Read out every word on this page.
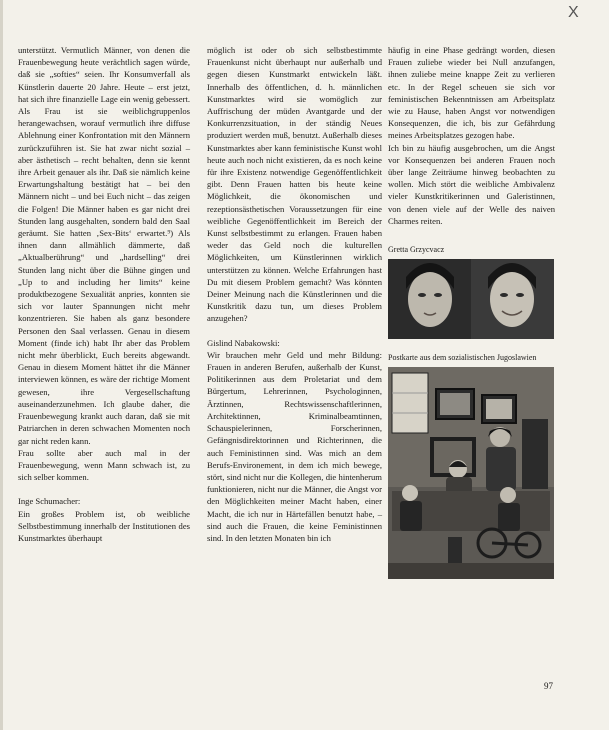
X

unterstützt. Vermutlich Männer, von denen die Frauenbewegung heute verächtlich sagen würde, daß sie „softies“ seien. Ihr Konsumverfall als Künstlerin dauerte 20 Jahre. Heute – erst jetzt, hat sich ihre finanzielle Lage ein wenig gebessert. Als Frau ist sie weiblichgruppenlos herangewachsen, worauf vermutlich ihre diffuse Ablehnung einer Konfrontation mit den Männern zurückzuführen ist. Sie hat zwar nicht sozial – aber ästhetisch – recht behalten, denn sie kennt ihre Arbeit genauer als ihr. Daß sie nämlich keine Erwartungshaltung bestätigt hat – bei den Männern nicht – und bei Euch nicht – das zeigen die Folgen! Die Männer haben es gar nicht drei Stunden lang ausgehalten, sondern bald den Saal geräumt. Sie hatten ‚Sex-Bits‘ erwartet.⁹) Als ihnen dann allmählich dämmerte, daß „Aktualberührung“ und „hardselling“ drei Stunden lang nicht über die Bühne gingen und „Up to and including her limits“ keine produktbezogene Sexualität anpries, konnten sie sich vor lauter Spannungen nicht mehr konzentrieren. Sie haben als ganz besondere Personen den Saal verlassen. Genau in diesem Moment (finde ich) habt Ihr aber das Problem nicht mehr überblickt, Euch bereits abgewandt. Genau in diesem Moment hättet ihr die Männer interviewen können, es wäre der richtige Moment gewesen, ihre Vergesellschaftung auseinanderzunehmen. Ich glaube daher, die Frauenbewegung krankt auch daran, daß sie mit Patriarchen in deren schwachen Momenten noch gar nicht reden kann.

Frau sollte aber auch mal in der Frauenbewegung, wenn Mann schwach ist, zu sich selber kommen.

Inge Schumacher:

Ein großes Problem ist, ob weibliche Selbstbestimmung innerhalb der Institutionen des Kunstmarktes überhaupt

möglich ist oder ob sich selbstbestimmte Frauenkunst nicht überhaupt nur außerhalb und gegen diesen Kunstmarkt entwickeln läßt. Innerhalb des öffentlichen, d. h. männlichen Kunstmarktes wird sie womöglich zur Auffrischung der müden Avantgarde und der Konkurrenzsituation, in der ständig Neues produziert werden muß, benutzt. Außerhalb dieses Kunstmarktes aber kann feministische Kunst wohl heute auch noch nicht existieren, da es noch keine für ihre Existenz notwendige Gegenöffentlichkeit gibt. Denn Frauen hatten bis heute keine Möglichkeit, die ökonomischen und rezeptionsästhetischen Voraussetzungen für eine weibliche Gegenöffentlichkeit im Bereich der Kunst selbstbestimmt zu erlangen. Frauen haben weder das Geld noch die kulturellen Möglichkeiten, um Künstlerinnen wirklich unterstützen zu können. Welche Erfahrungen hast Du mit diesem Problem gemacht? Was könnten Deiner Meinung nach die Künstlerinnen und die Kunstkritik dazu tun, um dieses Problem anzugehen?

Gislind Nabakowski:

Wir brauchen mehr Geld und mehr Bildung: Frauen in anderen Berufen, außerhalb der Kunst, Politikerinnen aus dem Proletariat und dem Bürgertum, Lehrerinnen, Psychologinnen, Ärztinnen, Rechtswissenschaftlerinnen, Architektinnen, Kriminalbeamtinnen, Schauspielerinnen, Forscherinnen, Gefängnisdirektorinnen und Richterinnen, die auch Feministinnen sind. Was mich an dem Berufs-Environement, in dem ich mich bewege, stört, sind nicht nur die Kollegen, die hintenherum funktionieren, nicht nur die Männer, die Angst vor den Möglichkeiten meiner Macht haben, einer Macht, die ich nur in Härtefällen benutzt habe, – sind auch die Frauen, die keine Feministinnen sind. In den letzten Monaten bin ich

häufig in eine Phase gedrängt worden, diesen Frauen zuliebe wieder bei Null anzufangen, ihnen zuliebe meine knappe Zeit zu verlieren etc. In der Regel scheuen sie sich vor feministischen Bekenntnissen am Arbeitsplatz wie zu Hause, haben Angst vor notwendigen Konsequenzen, die ich, bis zur Gefährdung meines Arbeitsplatzes gezogen habe.

Ich bin zu häufig ausgebrochen, um die Angst vor Konsequenzen bei anderen Frauen noch über lange Zeiträume hinweg beobachten zu wollen. Mich stört die weibliche Ambivalenz vieler Kunstkritikerinnen und Galeristinnen, von denen viele auf der Welle des naiven Charmes reiten.

Gretta Grzycvacz
Postkarte aus dem sozialistischen Jugoslawien
97
